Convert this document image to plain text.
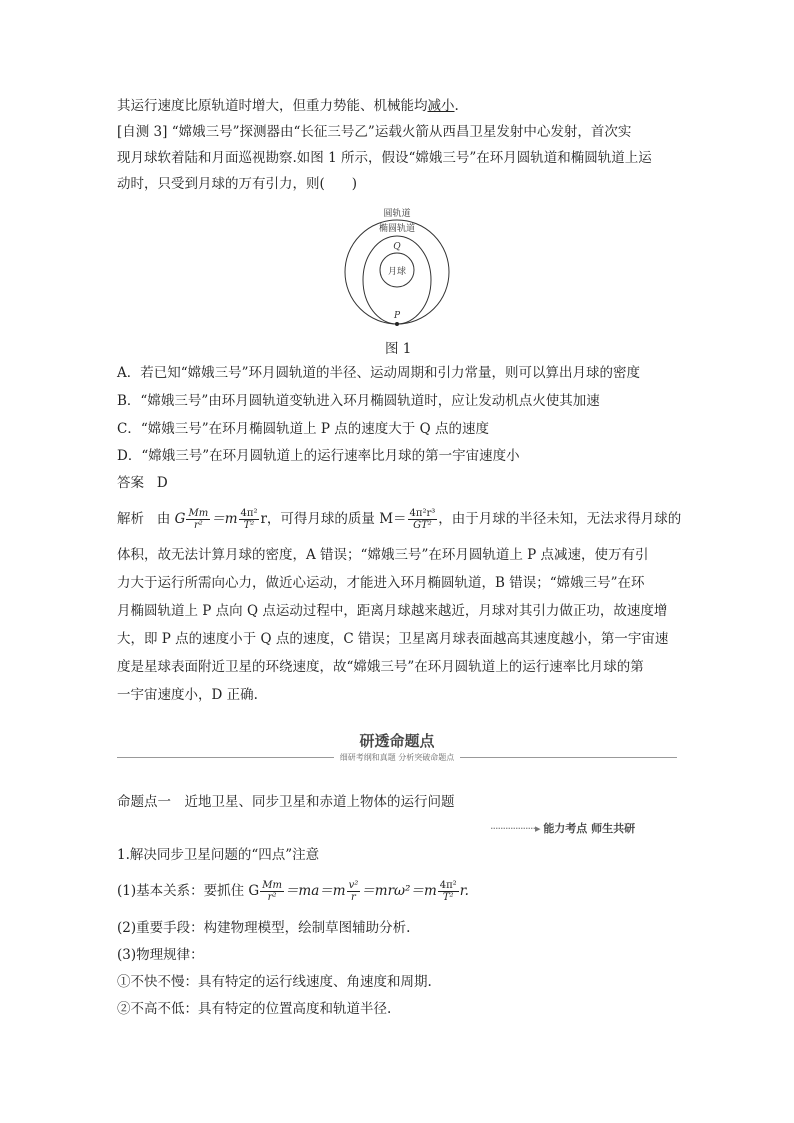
其运行速度比原轨道时增大，但重力势能、机械能均减小.
[自测 3] “嫦娥三号”探测器由“长征三号乙”运载火箭从西昌卫星发射中心发射，首次实
现月球软着陆和月面巡视勘察.如图 1 所示，假设“嫦娥三号”在环月圆轨道和椭圆轨道上运
动时，只受到月球的万有引力，则(　　)
圆轨道
椭圆轨道
Q
月球
P
图 1
A．若已知“嫦娥三号”环月圆轨道的半径、运动周期和引力常量，则可以算出月球的密度
B．“嫦娥三号”由环月圆轨道变轨进入环月椭圆轨道时，应让发动机点火使其加速
C．“嫦娥三号”在环月椭圆轨道上 P 点的速度大于 Q 点的速度
D．“嫦娥三号”在环月圆轨道上的运行速率比月球的第一宇宙速度小
答案 D
解析 由 G $\frac{Mm}{\text{r²}} =m \frac{\text{4π²}}{\text{T²}}$ r，可得月球的质量 $M= \frac{\text{4π²r³}}{\text{GT²}}$ ，由于月球的半径未知，无法求得月球的
体积，故无法计算月球的密度，A 错误；“嫦娥三号”在环月圆轨道上 P 点减速，使万有引
力大于运行所需向心力，做近心运动，才能进入环月椭圆轨道，B 错误；“嫦娥三号”在环
月椭圆轨道上 P 点向 Q 点运动过程中，距离月球越来越近，月球对其引力做正功，故速度增
大，即 P 点的速度小于 Q 点的速度，C 错误；卫星离月球表面越高其速度越小，第一宇宙速
度是星球表面附近卫星的环绕速度，故“嫦娥三号”在环月圆轨道上的运行速率比月球的第
一宇宙速度小，D 正确.
研透命题点
细研考纲和真题 分析突破命题点
命题点一　近地卫星、同步卫星和赤道上物体的运行问题
··················▸ 能力考点 师生共研
1.解决同步卫星问题的“四点”注意
(1)基本关系：要抓住 G $\frac{Mm}{\text{r²}} =ma=m \frac{\text{v²}}{r} =mr\omega^2=m \frac{\text{4π²}}{\text{T²}} r$.
(2)重要手段：构建物理模型，绘制草图辅助分析.
(3)物理规律：
①不快不慢：具有特定的运行线速度、角速度和周期.
②不高不低：具有特定的位置高度和轨道半径.
